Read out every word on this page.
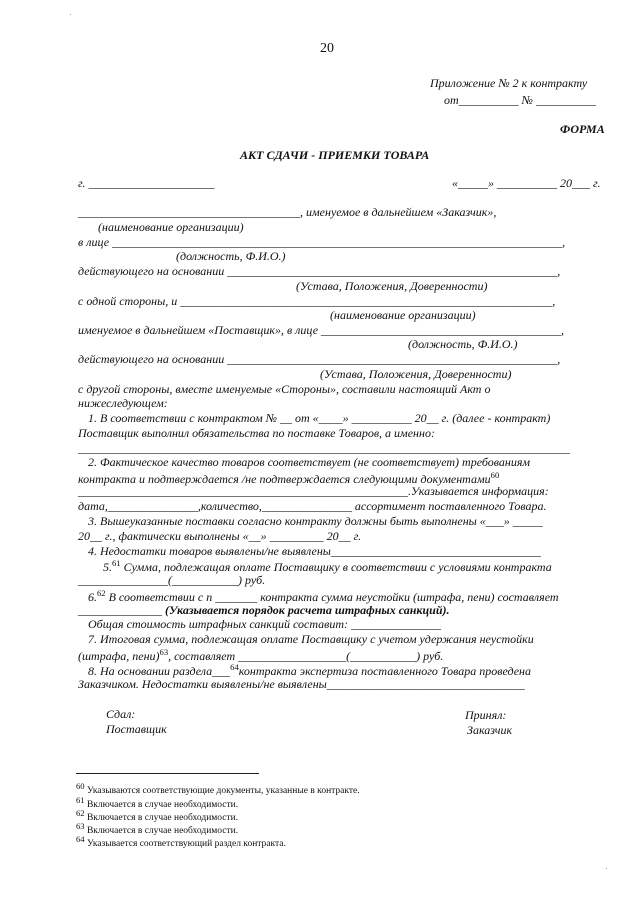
20
Приложение № 2 к контракту
от__________ № __________
ФОРМА
АКТ СДАЧИ - ПРИЕМКИ ТОВАРА
г. _____________________	«_____» __________ 20___ г.
_____________________________________, именуемое в дальнейшем «Заказчик»,
(наименование организации)
в лице ___________________________________________________________________________,
(должность, Ф.И.О.)
действующего на основании _______________________________________________________,
(Устава, Положения, Доверенности)
с одной стороны, и ______________________________________________________________,
(наименование организации)
именуемое в дальнейшем «Поставщик», в лице ________________________________________,
(должность, Ф.И.О.)
действующего на основании _______________________________________________________,
(Устава, Положения, Доверенности)
с другой стороны, вместе именуемые «Стороны», составили настоящий Акт о
нижеследующем:
1. В соответствии с контрактом № __ от «____» __________ 20__ г. (далее - контракт)
Поставщик выполнил обязательства по поставке Товаров, а именно:
__________________________________________________________________________________
2. Фактическое качество товаров соответствует (не соответствует) требованиям
контракта и подтверждается /не подтверждается следующими документами$^{60}$
_______________________________________________________.Указывается информация:
дата,_______________,количество,_______________ ассортимент поставленного Товара.
3. Вышеуказанные поставки согласно контракту должны быть выполнены «___» _____
20__ г., фактически выполнены «__» _________ 20__ г.
4. Недостатки товаров выявлены/не выявлены___________________________________
5.61 Сумма, подлежащая оплате Поставщику в соответствии с условиями контракта
_______________(___________) руб.
6.62 В соответствии с п _______ контракта сумма неустойки (штрафа, пени) составляет
______________ (Указывается порядок расчета штрафных санкций).
Общая стоимость штрафных санкций составит: _______________
7. Итоговая сумма, подлежащая оплате Поставщику с учетом удержания неустойки
(штрафа, пени)$^{63}$, составляет __________________(___________) руб.
8. На основании раздела___$^{64}$контракта экспертиза поставленного Товара проведена
Заказчиком. Недостатки выявлены/не выявлены_________________________________
Сдал:
Поставщик
Принял:
Заказчик
$^{60}$ Указываются соответствующие документы, указанные в контракте.
$^{61}$ Включается в случае необходимости.
$^{62}$ Включается в случае необходимости.
$^{63}$ Включается в случае необходимости.
$^{64}$ Указывается соответствующий раздел контракта.
